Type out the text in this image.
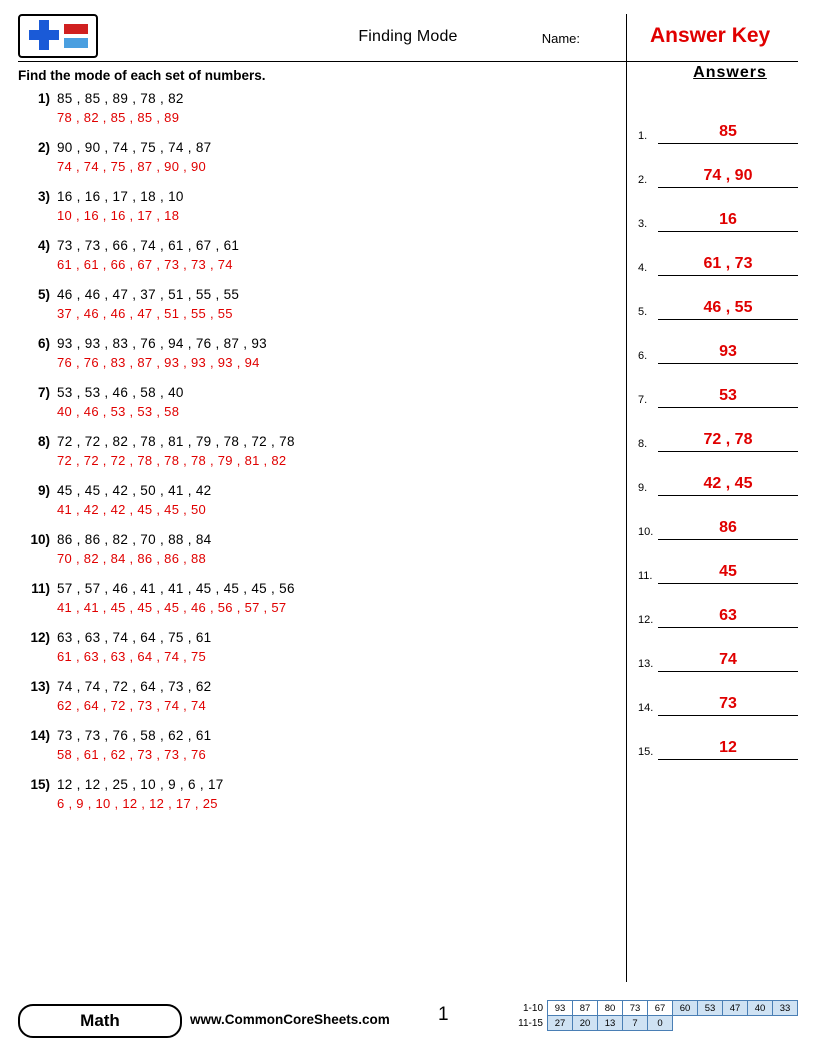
Finding Mode	Name:	Answer Key
Find the mode of each set of numbers.
1) 85 , 85 , 89 , 78 , 82
78 , 82 , 85 , 85 , 89
2) 90 , 90 , 74 , 75 , 74 , 87
74 , 74 , 75 , 87 , 90 , 90
3) 16 , 16 , 17 , 18 , 10
10 , 16 , 16 , 17 , 18
4) 73 , 73 , 66 , 74 , 61 , 67 , 61
61 , 61 , 66 , 67 , 73 , 73 , 74
5) 46 , 46 , 47 , 37 , 51 , 55 , 55
37 , 46 , 46 , 47 , 51 , 55 , 55
6) 93 , 93 , 83 , 76 , 94 , 76 , 87 , 93
76 , 76 , 83 , 87 , 93 , 93 , 93 , 94
7) 53 , 53 , 46 , 58 , 40
40 , 46 , 53 , 53 , 58
8) 72 , 72 , 82 , 78 , 81 , 79 , 78 , 72 , 78
72 , 72 , 72 , 78 , 78 , 78 , 79 , 81 , 82
9) 45 , 45 , 42 , 50 , 41 , 42
41 , 42 , 42 , 45 , 45 , 50
10) 86 , 86 , 82 , 70 , 88 , 84
70 , 82 , 84 , 86 , 86 , 88
11) 57 , 57 , 46 , 41 , 41 , 45 , 45 , 45 , 56
41 , 41 , 45 , 45 , 45 , 46 , 56 , 57 , 57
12) 63 , 63 , 74 , 64 , 75 , 61
61 , 63 , 63 , 64 , 74 , 75
13) 74 , 74 , 72 , 64 , 73 , 62
62 , 64 , 72 , 73 , 74 , 74
14) 73 , 73 , 76 , 58 , 62 , 61
58 , 61 , 62 , 73 , 73 , 76
15) 12 , 12 , 25 , 10 , 9 , 6 , 17
6 , 9 , 10 , 12 , 12 , 17 , 25
Answers
1.	85
2.	74 , 90
3.	16
4.	61 , 73
5.	46 , 55
6.	93
7.	53
8.	72 , 78
9.	42 , 45
10.	86
11.	45
12.	63
13.	74
14.	73
15.	12
Math	www.CommonCoreSheets.com	1	1-10	93	87	80	73	67	60	53	47	40	33
11-15	27	20	13	7	0					
